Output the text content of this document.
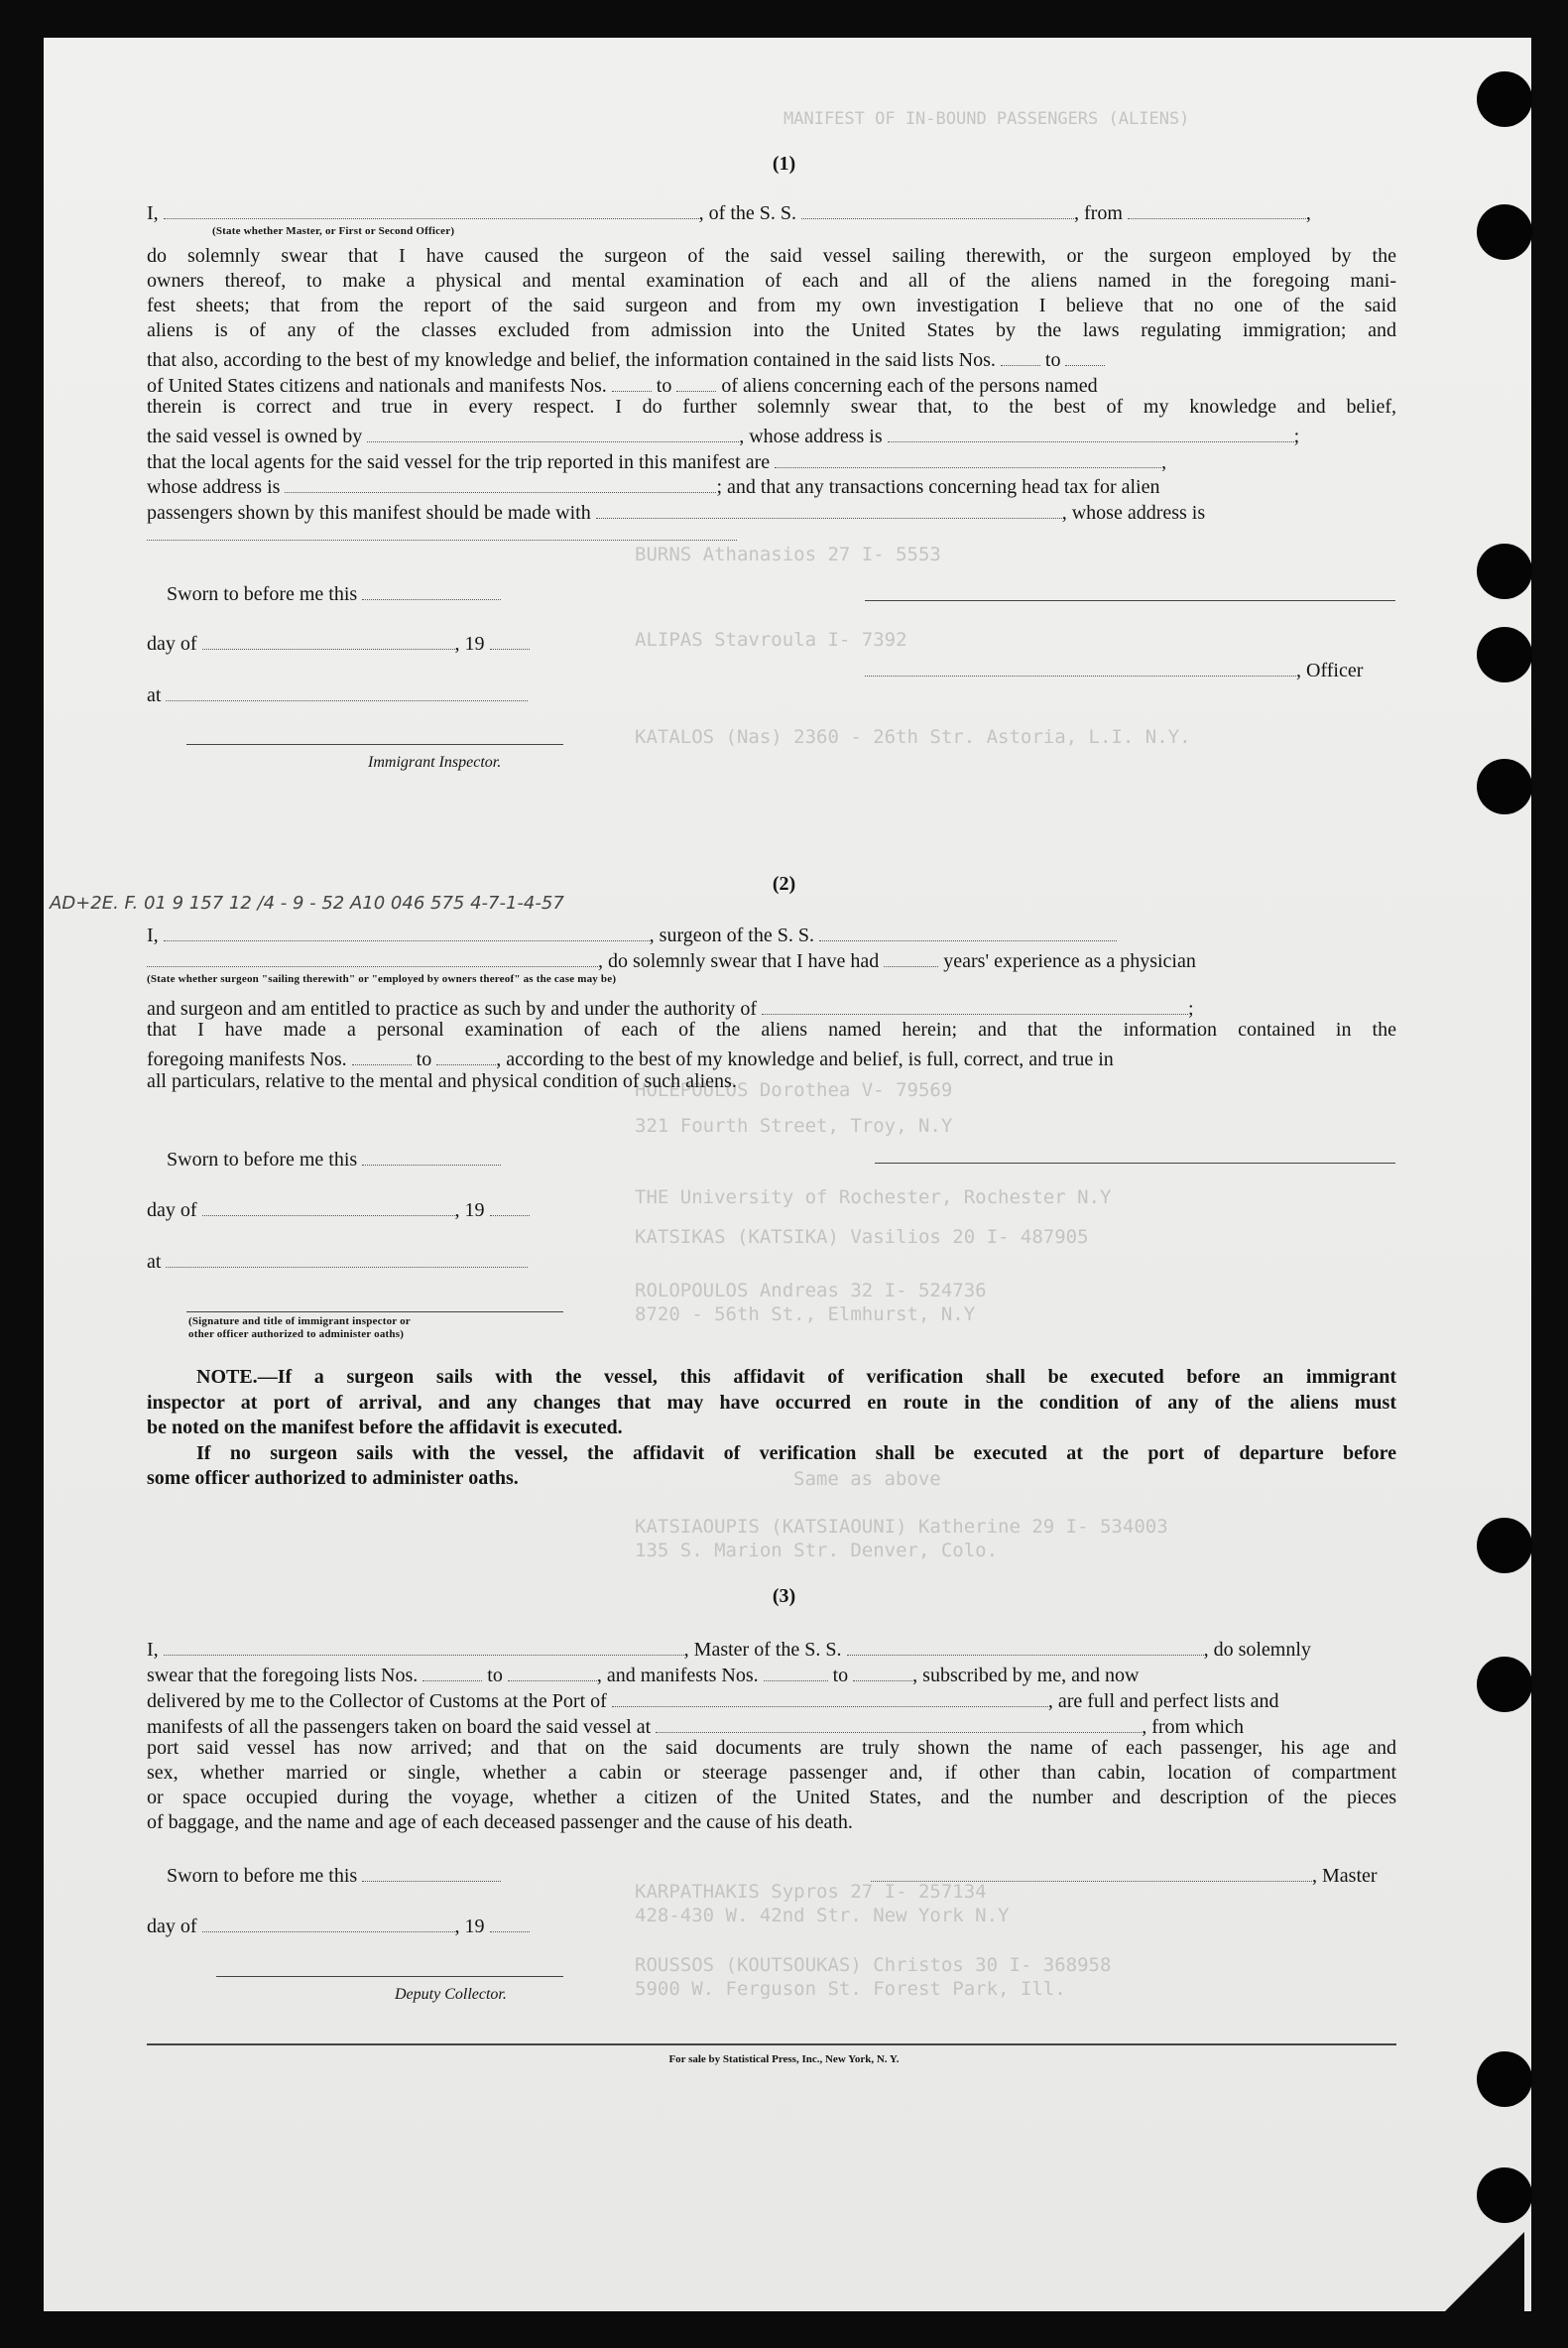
MANIFEST OF IN-BOUND PASSENGERS (ALIENS)
BURNS Athanasios 27 I- 5553
ALIPAS Stavroula I- 7392
KATALOS (Nas) 2360 - 26th Str. Astoria, L.I. N.Y.
HOLEPOULOS Dorothea V- 79569
321 Fourth Street, Troy, N.Y
THE University of Rochester, Rochester N.Y
KATSIKAS (KATSIKA) Vasilios 20 I- 487905
ROLOPOULOS Andreas 32 I- 524736
8720 - 56th St., Elmhurst, N.Y
Same as above
KATSIAOUPIS (KATSIAOUNI) Katherine 29 I- 534003
135 S. Marion Str. Denver, Colo.
KARPATHAKIS Sypros 27 I- 257134
428-430 W. 42nd Str. New York N.Y
ROUSSOS (KOUTSOUKAS) Christos 30 I- 368958
5900 W. Ferguson St. Forest Park, Ill.
(1)
I,	, of the S. S.	, from	,
(State whether Master, or First or Second Officer)
do solemnly swear that I have caused the surgeon of the said vessel sailing therewith, or the surgeon employed by the
owners thereof, to make a physical and mental examination of each and all of the aliens named in the foregoing mani-
fest sheets; that from the report of the said surgeon and from my own investigation I believe that no one of the said
aliens is of any of the classes excluded from admission into the United States by the laws regulating immigration; and
that also, according to the best of my knowledge and belief, the information contained in the said lists Nos.	to
of United States citizens and nationals and manifests Nos.	to	of aliens concerning each of the persons named
therein is correct and true in every respect. I do further solemnly swear that, to the best of my knowledge and belief,
the said vessel is owned by	, whose address is	;
that the local agents for the said vessel for the trip reported in this manifest are	,
whose address is	; and that any transactions concerning head tax for alien
passengers shown by this manifest should be made with	, whose address is
Sworn to before me this
day of	, 19
, Officer
at
Immigrant Inspector.
(2)
AD+2E. F. 01 9 157 12 /4 - 9 - 52 A10 046 575 4-7-1-4-57
I,	, surgeon of the S. S.
, do solemnly swear that I have had	years' experience as a physician
(State whether surgeon "sailing therewith" or "employed by owners thereof" as the case may be)
and surgeon and am entitled to practice as such by and under the authority of	;
that I have made a personal examination of each of the aliens named herein; and that the information contained in the
foregoing manifests Nos.	to	, according to the best of my knowledge and belief, is full, correct, and true in
all particulars, relative to the mental and physical condition of such aliens.
Sworn to before me this
day of	, 19
at
(Signature and title of immigrant inspector or
other officer authorized to administer oaths)
NOTE.—If a surgeon sails with the vessel, this affidavit of verification shall be executed before an immigrant
inspector at port of arrival, and any changes that may have occurred en route in the condition of any of the aliens must
be noted on the manifest before the affidavit is executed.
If no surgeon sails with the vessel, the affidavit of verification shall be executed at the port of departure before
some officer authorized to administer oaths.
(3)
I,	, Master of the S. S.	, do solemnly
swear that the foregoing lists Nos.	to	, and manifests Nos.	to	, subscribed by me, and now
delivered by me to the Collector of Customs at the Port of	, are full and perfect lists and
manifests of all the passengers taken on board the said vessel at	, from which
port said vessel has now arrived; and that on the said documents are truly shown the name of each passenger, his age and
sex, whether married or single, whether a cabin or steerage passenger and, if other than cabin, location of compartment
or space occupied during the voyage, whether a citizen of the United States, and the number and description of the pieces
of baggage, and the name and age of each deceased passenger and the cause of his death.
Sworn to before me this	, Master
day of	, 19
Deputy Collector.
For sale by Statistical Press, Inc., New York, N. Y.
